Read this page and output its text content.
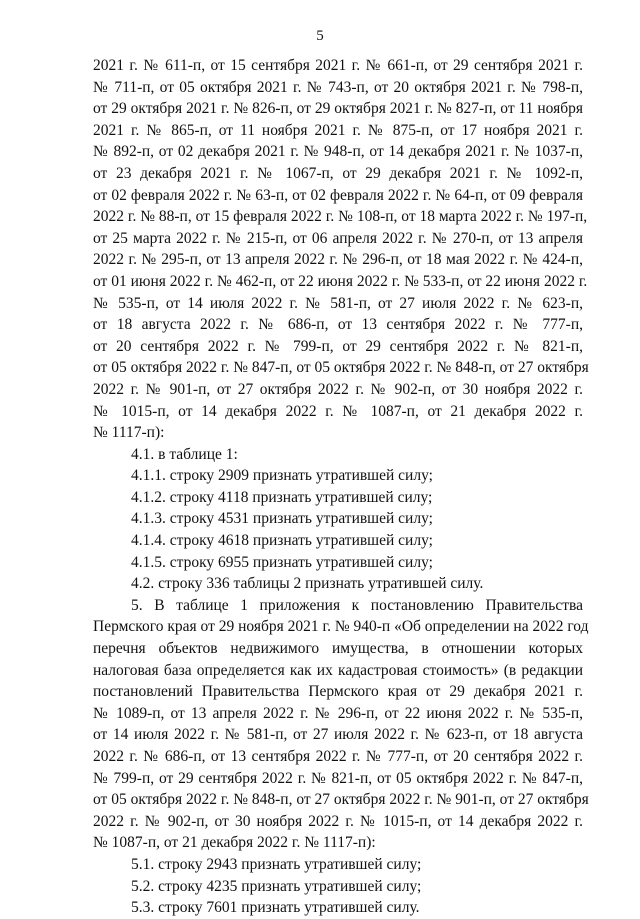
5
2021 г. № 611-п, от 15 сентября 2021 г. № 661-п, от 29 сентября 2021 г.
№ 711-п, от 05 октября 2021 г. № 743-п, от 20 октября 2021 г. № 798-п,
от 29 октября 2021 г. № 826-п, от 29 октября 2021 г. № 827-п, от 11 ноября
2021 г. № 865-п, от 11 ноября 2021 г. № 875-п, от 17 ноября 2021 г.
№ 892-п, от 02 декабря 2021 г. № 948-п, от 14 декабря 2021 г. № 1037-п,
от 23 декабря 2021 г. № 1067-п, от 29 декабря 2021 г. № 1092-п,
от 02 февраля 2022 г. № 63-п, от 02 февраля 2022 г. № 64-п, от 09 февраля
2022 г. № 88-п, от 15 февраля 2022 г. № 108-п, от 18 марта 2022 г. № 197-п,
от 25 марта 2022 г. № 215-п, от 06 апреля 2022 г. № 270-п, от 13 апреля
2022 г. № 295-п, от 13 апреля 2022 г. № 296-п, от 18 мая 2022 г. № 424-п,
от 01 июня 2022 г. № 462-п, от 22 июня 2022 г. № 533-п, от 22 июня 2022 г.
№ 535-п, от 14 июля 2022 г. № 581-п, от 27 июля 2022 г. № 623-п,
от 18 августа 2022 г. № 686-п, от 13 сентября 2022 г. № 777-п,
от 20 сентября 2022 г. № 799-п, от 29 сентября 2022 г. № 821-п,
от 05 октября 2022 г. № 847-п, от 05 октября 2022 г. № 848-п, от 27 октября
2022 г. № 901-п, от 27 октября 2022 г. № 902-п, от 30 ноября 2022 г.
№ 1015-п, от 14 декабря 2022 г. № 1087-п, от 21 декабря 2022 г.
№ 1117-п):
4.1. в таблице 1:
4.1.1. строку 2909 признать утратившей силу;
4.1.2. строку 4118 признать утратившей силу;
4.1.3. строку 4531 признать утратившей силу;
4.1.4. строку 4618 признать утратившей силу;
4.1.5. строку 6955 признать утратившей силу;
4.2. строку 336 таблицы 2 признать утратившей силу.
5. В таблице 1 приложения к постановлению Правительства
Пермского края от 29 ноября 2021 г. № 940-п «Об определении на 2022 год
перечня объектов недвижимого имущества, в отношении которых
налоговая база определяется как их кадастровая стоимость» (в редакции
постановлений Правительства Пермского края от 29 декабря 2021 г.
№ 1089-п, от 13 апреля 2022 г. № 296-п, от 22 июня 2022 г. № 535-п,
от 14 июля 2022 г. № 581-п, от 27 июля 2022 г. № 623-п, от 18 августа
2022 г. № 686-п, от 13 сентября 2022 г. № 777-п, от 20 сентября 2022 г.
№ 799-п, от 29 сентября 2022 г. № 821-п, от 05 октября 2022 г. № 847-п,
от 05 октября 2022 г. № 848-п, от 27 октября 2022 г. № 901-п, от 27 октября
2022 г. № 902-п, от 30 ноября 2022 г. № 1015-п, от 14 декабря 2022 г.
№ 1087-п, от 21 декабря 2022 г. № 1117-п):
5.1. строку 2943 признать утратившей силу;
5.2. строку 4235 признать утратившей силу;
5.3. строку 7601 признать утратившей силу.
